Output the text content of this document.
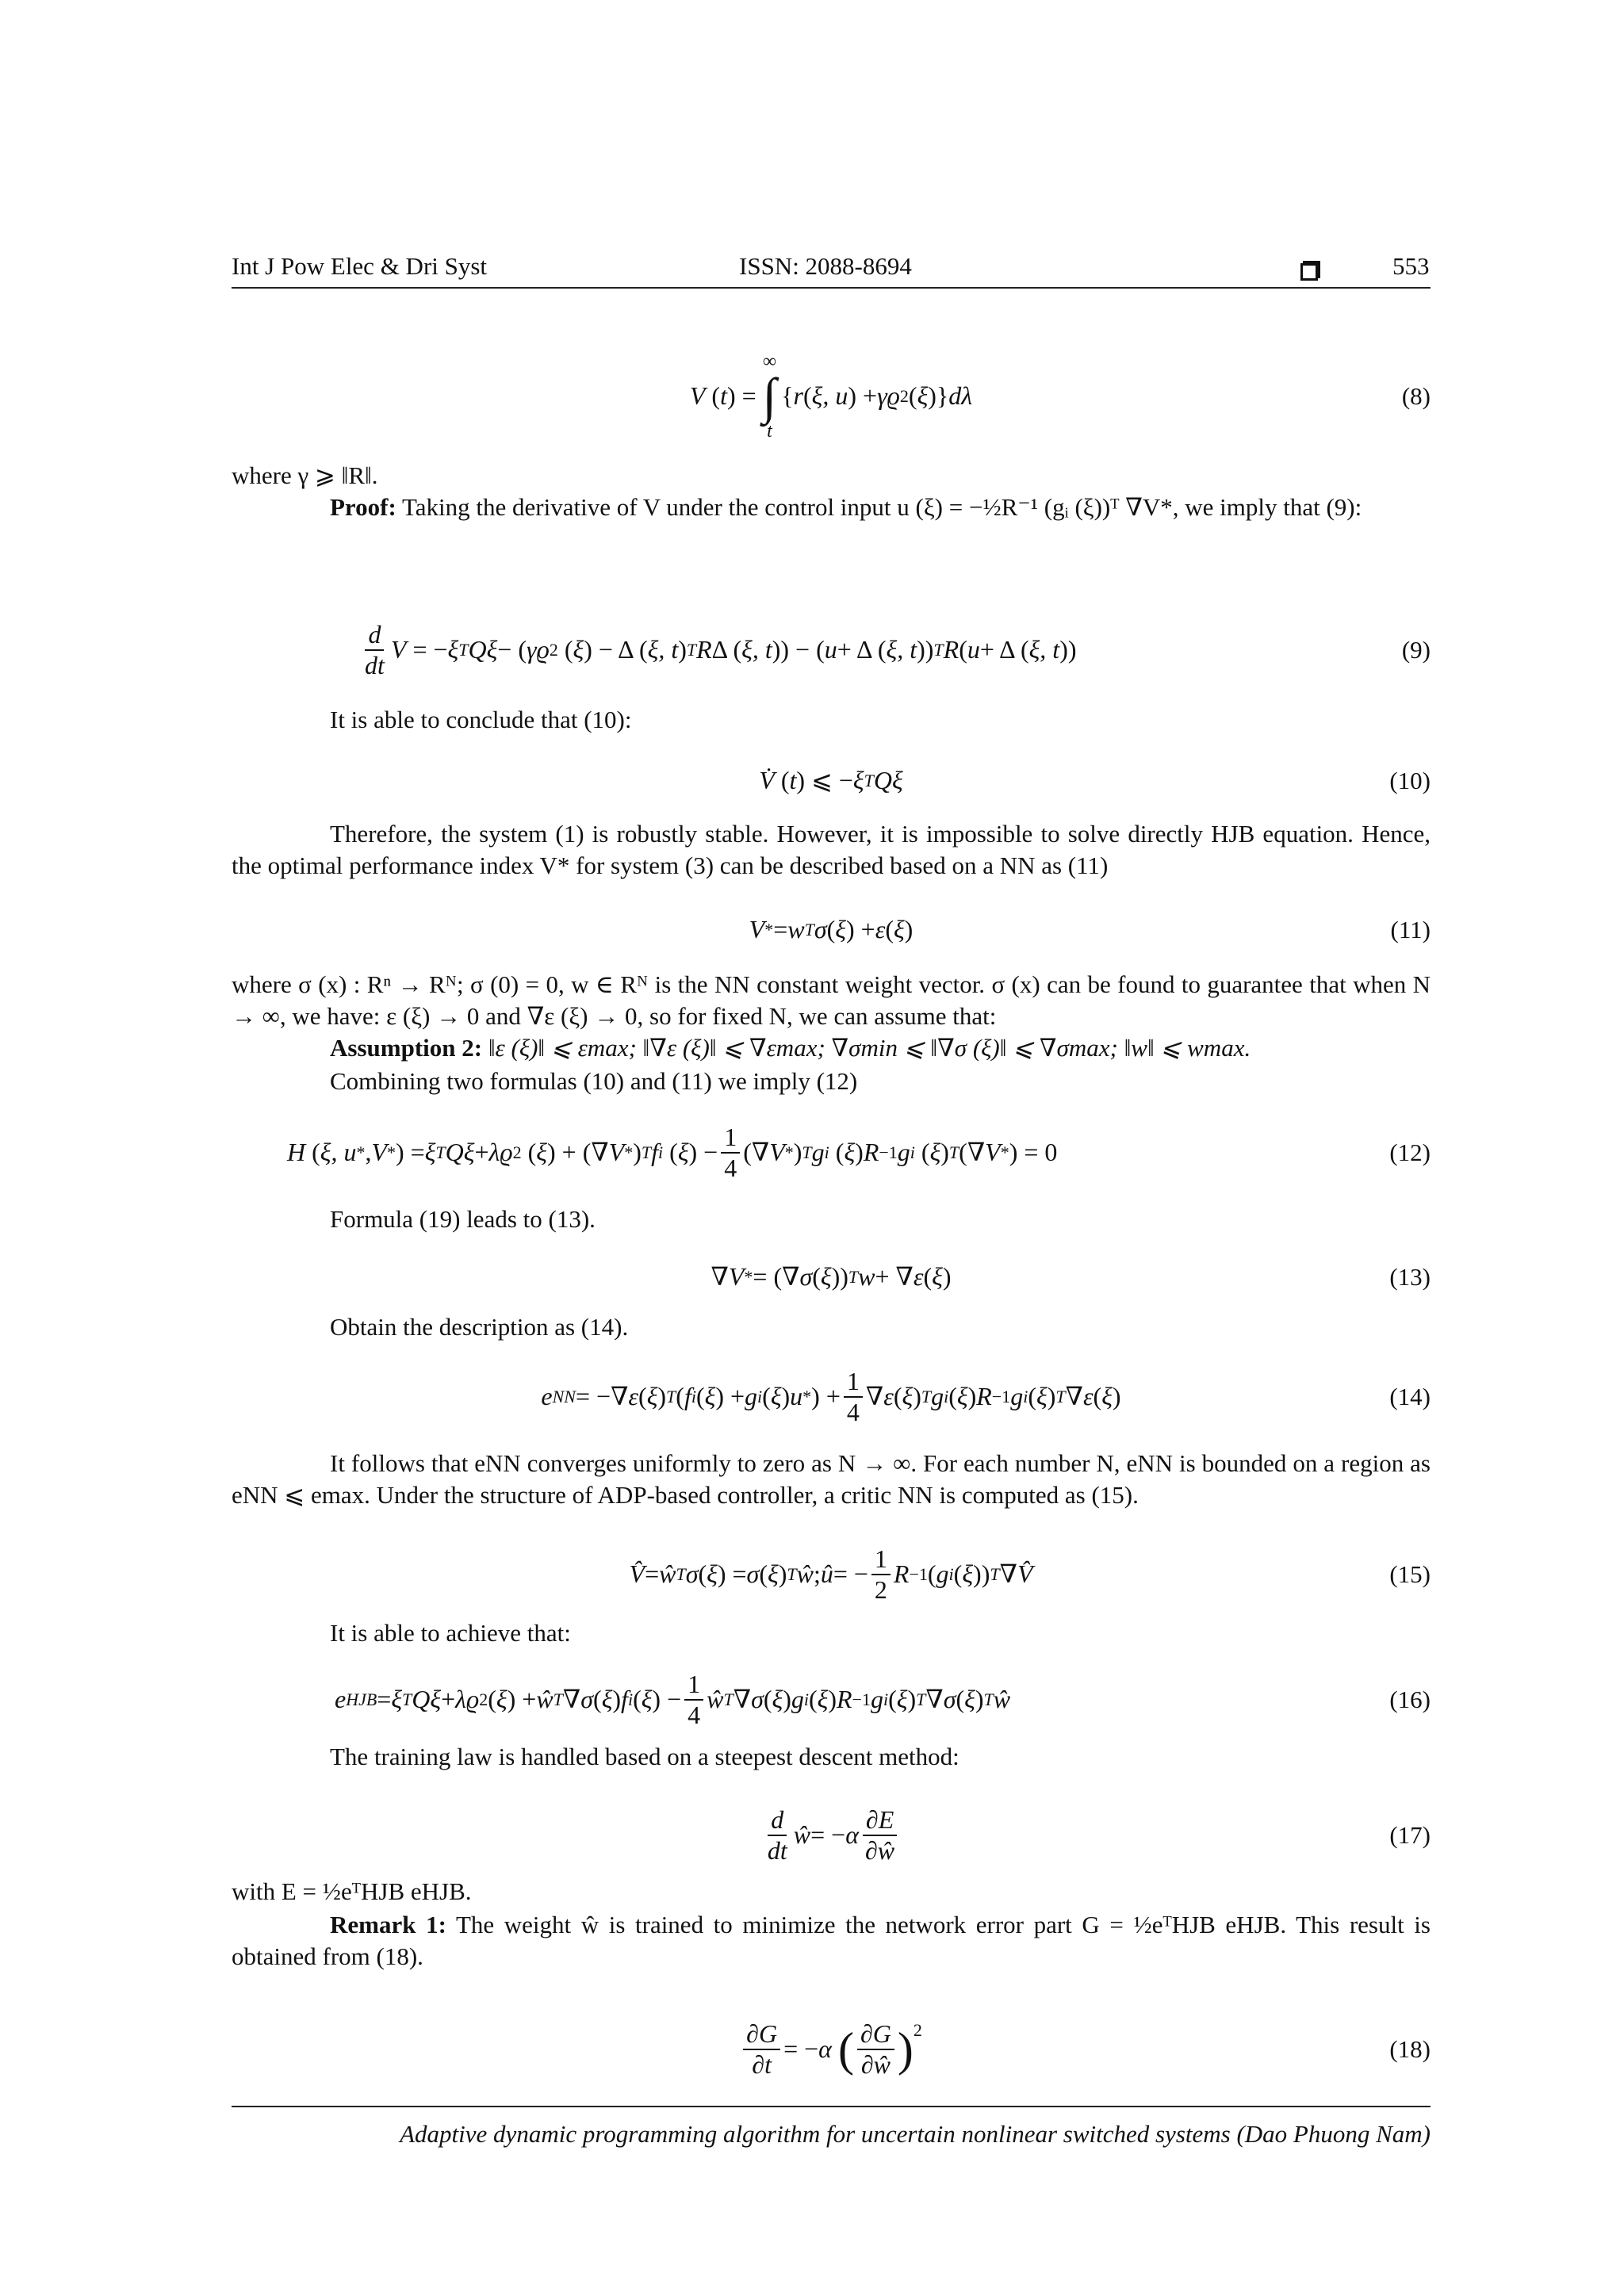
Int J Pow Elec & Dri Syst	ISSN: 2088-8694	553
V ( t ) =
∞
∫
t
{ r ( ξ, u ) + γϱ 2 ( ξ )} dλ	(8)
where γ ⩾ ‖R‖.
Proof: Taking the derivative of V under the control input u (ξ) = −½R⁻¹ (gᵢ (ξ))ᵀ ∇V*, we imply that (9):
$\frac{d}{dt}$ V = − ξ T Qξ − ( γϱ 2 ( ξ ) − Δ ( ξ, t ) T R Δ ( ξ, t )) − ( u + Δ ( ξ, t )) T R ( u + Δ ( ξ, t ))	(9)
It is able to conclude that (10):
V̇ ( t ) ⩽ − ξ T Qξ	(10)
Therefore, the system (1) is robustly stable. However, it is impossible to solve directly HJB equation. Hence, the optimal performance index V* for system (3) can be described based on a NN as (11)
V * = w T σ ( ξ ) + ε ( ξ )	(11)
where σ (x) : Rⁿ → Rᴺ; σ (0) = 0, w ∈ Rᴺ is the NN constant weight vector. σ (x) can be found to guarantee that when N → ∞, we have: ε (ξ) → 0 and ∇ε (ξ) → 0, so for fixed N, we can assume that:
Assumption 2: ‖ε (ξ)‖ ⩽ εmax; ‖∇ε (ξ)‖ ⩽ ∇εmax; ∇σmin ⩽ ‖∇σ (ξ)‖ ⩽ ∇σmax; ‖w‖ ⩽ wmax.
Combining two formulas (10) and (11) we imply (12)
H ( ξ, u * , V * ) = ξ T Qξ + λϱ 2 ( ξ ) + (∇ V * ) T f i ( ξ ) − $\frac{1}{4}$ (∇ V * ) T g i ( ξ ) R −1 g i ( ξ ) T (∇ V * ) = 0	(12)
Formula (19) leads to (13).
∇ V * = (∇ σ ( ξ )) T w + ∇ ε ( ξ )	(13)
Obtain the description as (14).
e NN = −∇ ε ( ξ ) T ( f i ( ξ ) + g i ( ξ ) u * ) + $\frac{1}{4}$ ∇ ε ( ξ ) T g i ( ξ ) R −1 g i ( ξ ) T ∇ ε ( ξ )	(14)
It follows that eNN converges uniformly to zero as N → ∞. For each number N, eNN is bounded on a region as eNN ⩽ emax. Under the structure of ADP-based controller, a critic NN is computed as (15).
V̂ = ŵ T σ ( ξ ) = σ ( ξ ) T ŵ ; û = − $\frac{1}{2}$ R −1 ( g i ( ξ )) T ∇ V̂	(15)
It is able to achieve that:
e HJB = ξ T Qξ + λϱ 2 ( ξ ) + ŵ T ∇ σ ( ξ ) f i ( ξ ) − $\frac{1}{4}$ ŵ T ∇ σ ( ξ ) g i ( ξ ) R −1 g i ( ξ ) T ∇ σ ( ξ ) T ŵ	(16)
The training law is handled based on a steepest descent method:
$\frac{d}{dt}$ ŵ = − α $\frac{\partial E}{\partial ŵ}$	(17)
with E = ½eᵀHJB eHJB.
Remark 1: The weight ŵ is trained to minimize the network error part G = ½eᵀHJB eHJB. This result is obtained from (18).
$\frac{\partial G}{\partial t}$ = − α
( $\frac{\partial G}{\partial ŵ} )^2$
(18)
Adaptive dynamic programming algorithm for uncertain nonlinear switched systems (Dao Phuong Nam)
